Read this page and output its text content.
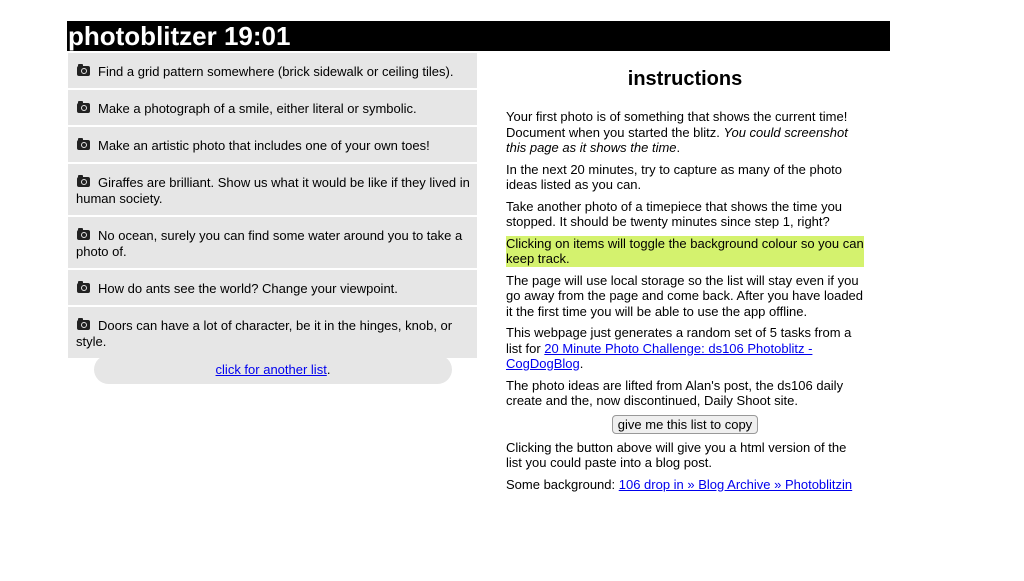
photoblitzer 19:01
Find a grid pattern somewhere (brick sidewalk or ceiling tiles).
Make a photograph of a smile, either literal or symbolic.
Make an artistic photo that includes one of your own toes!
Giraffes are brilliant. Show us what it would be like if they lived in human society.
No ocean, surely you can find some water around you to take a photo of.
How do ants see the world? Change your viewpoint.
Doors can have a lot of character, be it in the hinges, knob, or style.
click for another list.
instructions

Your first photo is of something that shows the current time! Document when you started the blitz. You could screenshot this page as it shows the time.

In the next 20 minutes, try to capture as many of the photo ideas listed as you can.

Take another photo of a timepiece that shows the time you stopped. It should be twenty minutes since step 1, right?

Clicking on items will toggle the background colour so you can keep track.

The page will use local storage so the list will stay even if you go away from the page and come back. After you have loaded it the first time you will be able to use the app offline.

This webpage just generates a random set of 5 tasks from a list for 20 Minute Photo Challenge: ds106 Photoblitz - CogDogBlog.

The photo ideas are lifted from Alan's post, the ds106 daily create and the, now discontinued, Daily Shoot site.

give me this list to copy

Clicking the button above will give you a html version of the list you could paste into a blog post.

Some background: 106 drop in » Blog Archive » Photoblitzin
